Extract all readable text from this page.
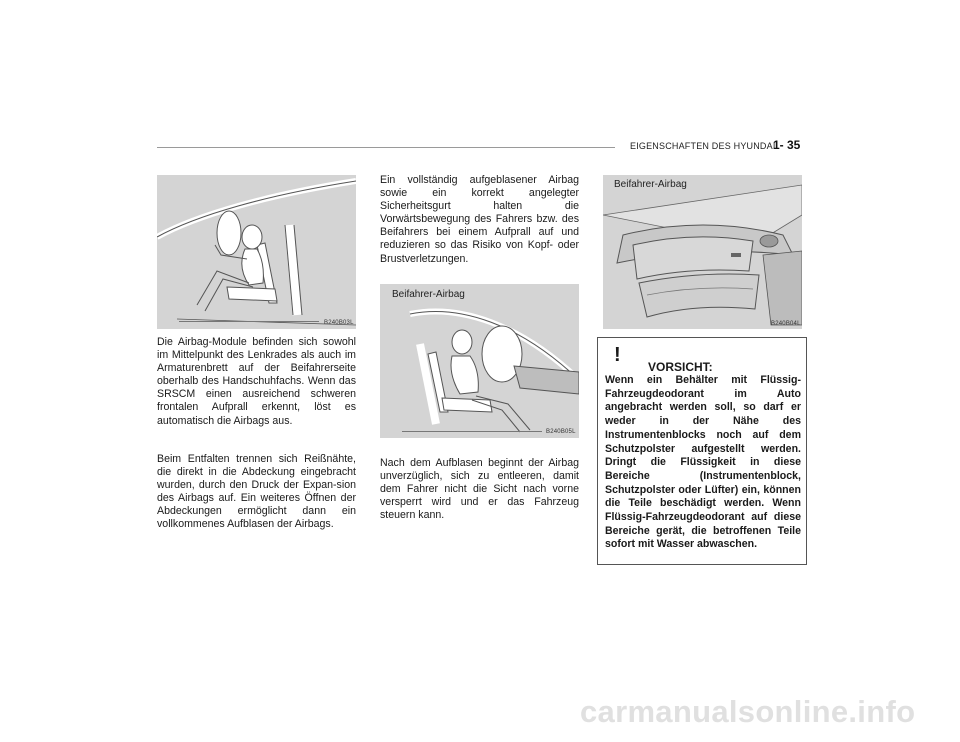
EIGENSCHAFTEN DES HYUNDAI
1- 35
B240B03L
Beifahrer-Airbag
B240B05L
Beifahrer-Airbag
B240B04L

Die Airbag-Module befinden sich sowohl im Mittelpunkt des Lenkrades als auch im Armaturenbrett auf der Beifahrerseite oberhalb des Handschuhfachs. Wenn das SRSCM einen ausreichend schweren frontalen Aufprall erkennt, löst es automatisch die Airbags aus.

Beim Entfalten trennen sich Reißnähte, die direkt in die Abdeckung eingebracht wurden, durch den Druck der Expan-sion des Airbags auf. Ein weiteres Öffnen der Abdeckungen ermöglicht dann ein vollkommenes Aufblasen der Airbags.

Ein vollständig aufgeblasener Airbag sowie ein korrekt angelegter Sicherheitsgurt halten die Vorwärtsbewegung des Fahrers bzw. des Beifahrers bei einem Aufprall auf und reduzieren so das Risiko von Kopf- oder Brustverletzungen.

Nach dem Aufblasen beginnt der Airbag unverzüglich, sich zu entleeren, damit dem Fahrer nicht die Sicht nach vorne versperrt wird und er das Fahrzeug steuern kann.

!
VORSICHT:

Wenn ein Behälter mit Flüssig-Fahrzeugdeodorant im Auto angebracht werden soll, so darf er weder in der Nähe des Instrumentenblocks noch auf dem Schutzpolster aufgestellt werden. Dringt die Flüssigkeit in diese Bereiche (Instrumentenblock, Schutzpolster oder Lüfter) ein, können die Teile beschädigt werden. Wenn Flüssig-Fahrzeugdeodorant auf diese Bereiche gerät, die betroffenen Teile sofort mit Wasser abwaschen.

carmanualsonline.info
